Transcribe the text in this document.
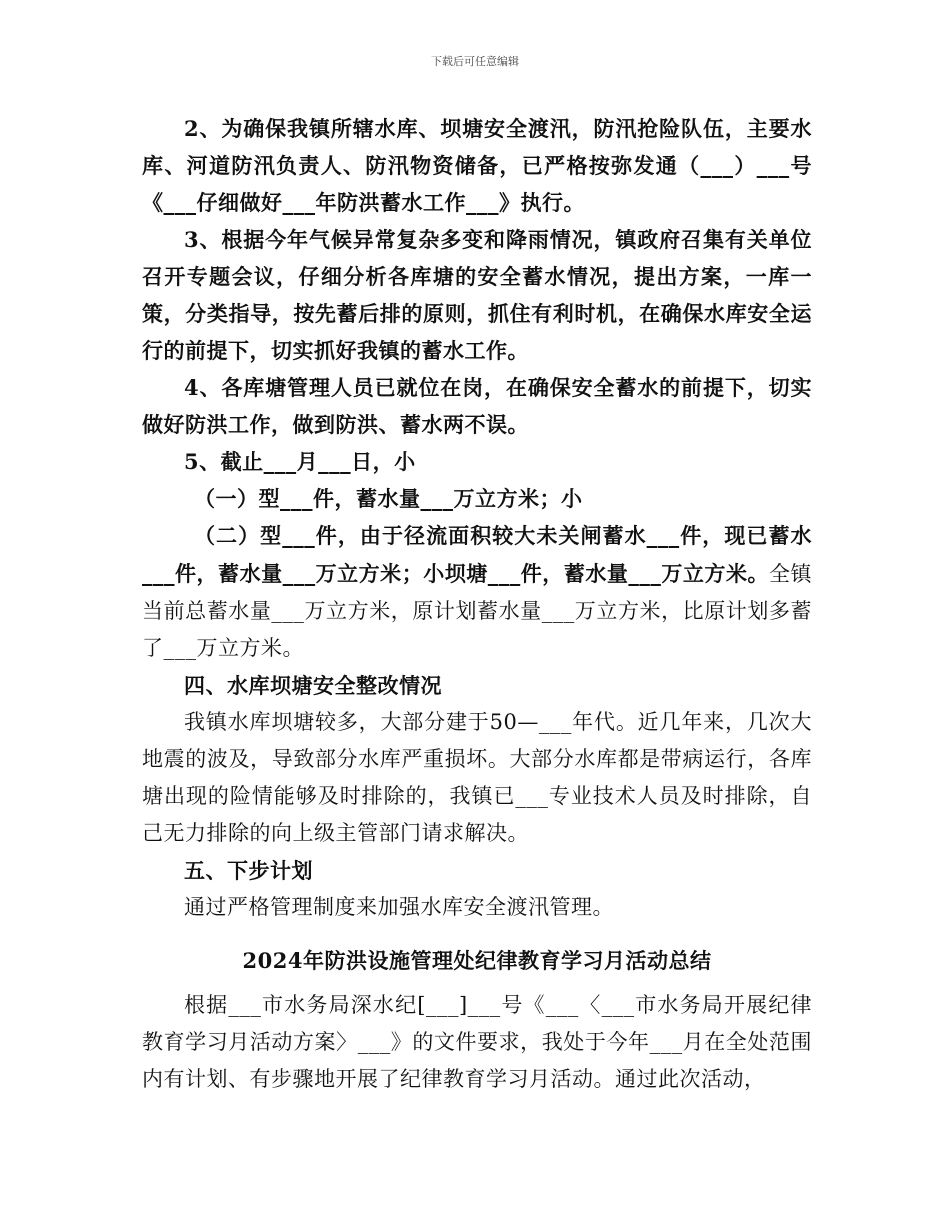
下载后可任意编辑

2、为确保我镇所辖水库、坝塘安全渡汛，防汛抢险队伍，主要水库、河道防汛负责人、防汛物资储备，已严格按弥发通（___）___号《___仔细做好___年防洪蓄水工作___》执行。

3、根据今年气候异常复杂多变和降雨情况，镇政府召集有关单位召开专题会议，仔细分析各库塘的安全蓄水情况，提出方案，一库一策，分类指导，按先蓄后排的原则，抓住有利时机，在确保水库安全运行的前提下，切实抓好我镇的蓄水工作。

4、各库塘管理人员已就位在岗，在确保安全蓄水的前提下，切实做好防洪工作，做到防洪、蓄水两不误。

5、截止___月___日，小

（一）型___件，蓄水量___万立方米；小

（二）型___件，由于径流面积较大未关闸蓄水___件，现已蓄水___件，蓄水量___万立方米；小坝塘___件，蓄水量___万立方米。全镇当前总蓄水量___万立方米，原计划蓄水量___万立方米，比原计划多蓄了___万立方米。

四、水库坝塘安全整改情况

我镇水库坝塘较多，大部分建于50—___年代。近几年来，几次大地震的波及，导致部分水库严重损坏。大部分水库都是带病运行，各库塘出现的险情能够及时排除的，我镇已___专业技术人员及时排除，自己无力排除的向上级主管部门请求解决。

五、下步计划

通过严格管理制度来加强水库安全渡汛管理。

2024年防洪设施管理处纪律教育学习月活动总结

根据___市水务局深水纪[___]___号《___〈___市水务局开展纪律教育学习月活动方案〉___》的文件要求，我处于今年___月在全处范围内有计划、有步骤地开展了纪律教育学习月活动。通过此次活动，
